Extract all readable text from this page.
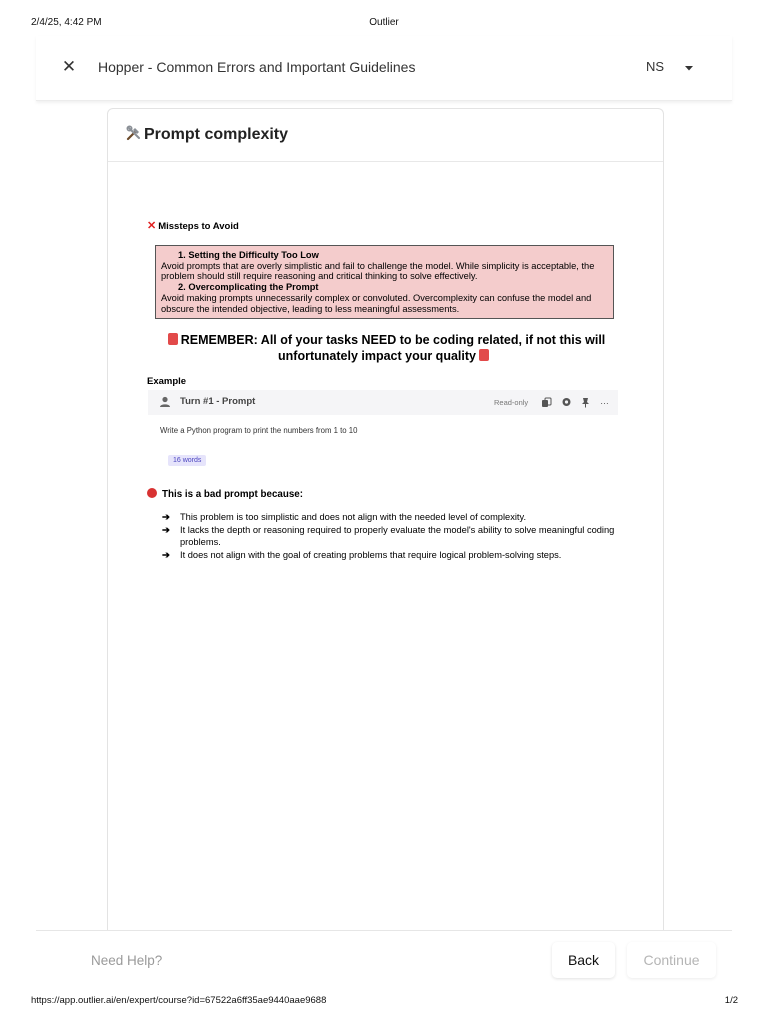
2/4/25, 4:42 PM	Outlier
✕ Hopper - Common Errors and Important Guidelines	NS
Prompt complexity
✕ Missteps to Avoid
1. Setting the Difficulty Too Low
Avoid prompts that are overly simplistic and fail to challenge the model. While simplicity is acceptable, the problem should still require reasoning and critical thinking to solve effectively.
2. Overcomplicating the Prompt
Avoid making prompts unnecessarily complex or convoluted. Overcomplexity can confuse the model and obscure the intended objective, leading to less meaningful assessments.
REMEMBER: All of your tasks NEED to be coding related, if not this will
unfortunately impact your quality
Example
Turn #1 - Prompt	Read-only	…
Write a Python program to print the numbers from 1 to 10
16 words
This is a bad prompt because:
➔ This problem is too simplistic and does not align with the needed level of complexity.
➔ It lacks the depth or reasoning required to properly evaluate the model's ability to solve meaningful coding problems.
➔ It does not align with the goal of creating problems that require logical problem-solving steps.
Need Help?	Back	Continue
https://app.outlier.ai/en/expert/course?id=67522a6ff35ae9440aae9688	1/2
